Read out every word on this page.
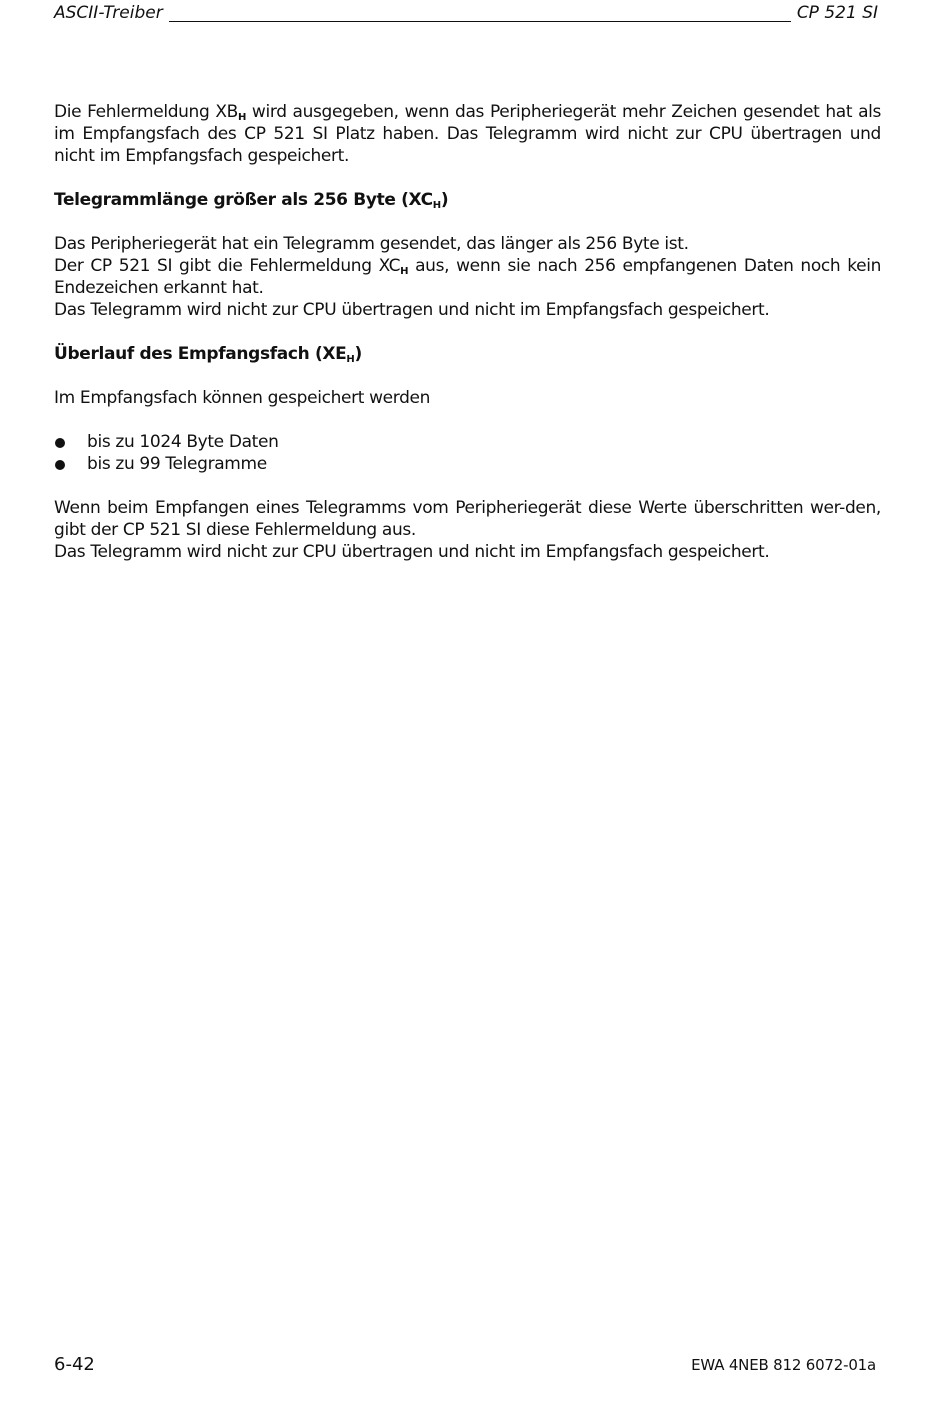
ASCII-Treiber	CP 521 SI

Die Fehlermeldung $XB_H$ wird ausgegeben, wenn das Peripheriegerät mehr Zeichen gesendet hat als im Empfangsfach des CP 521 SI Platz haben. Das Telegramm wird nicht zur CPU übertragen und nicht im Empfangsfach gespeichert.

Telegrammlänge größer als 256 Byte $(XC_H)$

Das Peripheriegerät hat ein Telegramm gesendet, das länger als 256 Byte ist.

Der CP 521 SI gibt die Fehlermeldung $XC_H$ aus, wenn sie nach 256 empfangenen Daten noch kein Endezeichen erkannt hat.

Das Telegramm wird nicht zur CPU übertragen und nicht im Empfangsfach gespeichert.

Überlauf des Empfangsfach $(XE_H)$

Im Empfangsfach können gespeichert werden

bis zu 1024 Byte Daten
bis zu 99 Telegramme

Wenn beim Empfangen eines Telegramms vom Peripheriegerät diese Werte überschritten wer-den, gibt der CP 521 SI diese Fehlermeldung aus.

Das Telegramm wird nicht zur CPU übertragen und nicht im Empfangsfach gespeichert.

6-42	EWA 4NEB 812 6072-01a
